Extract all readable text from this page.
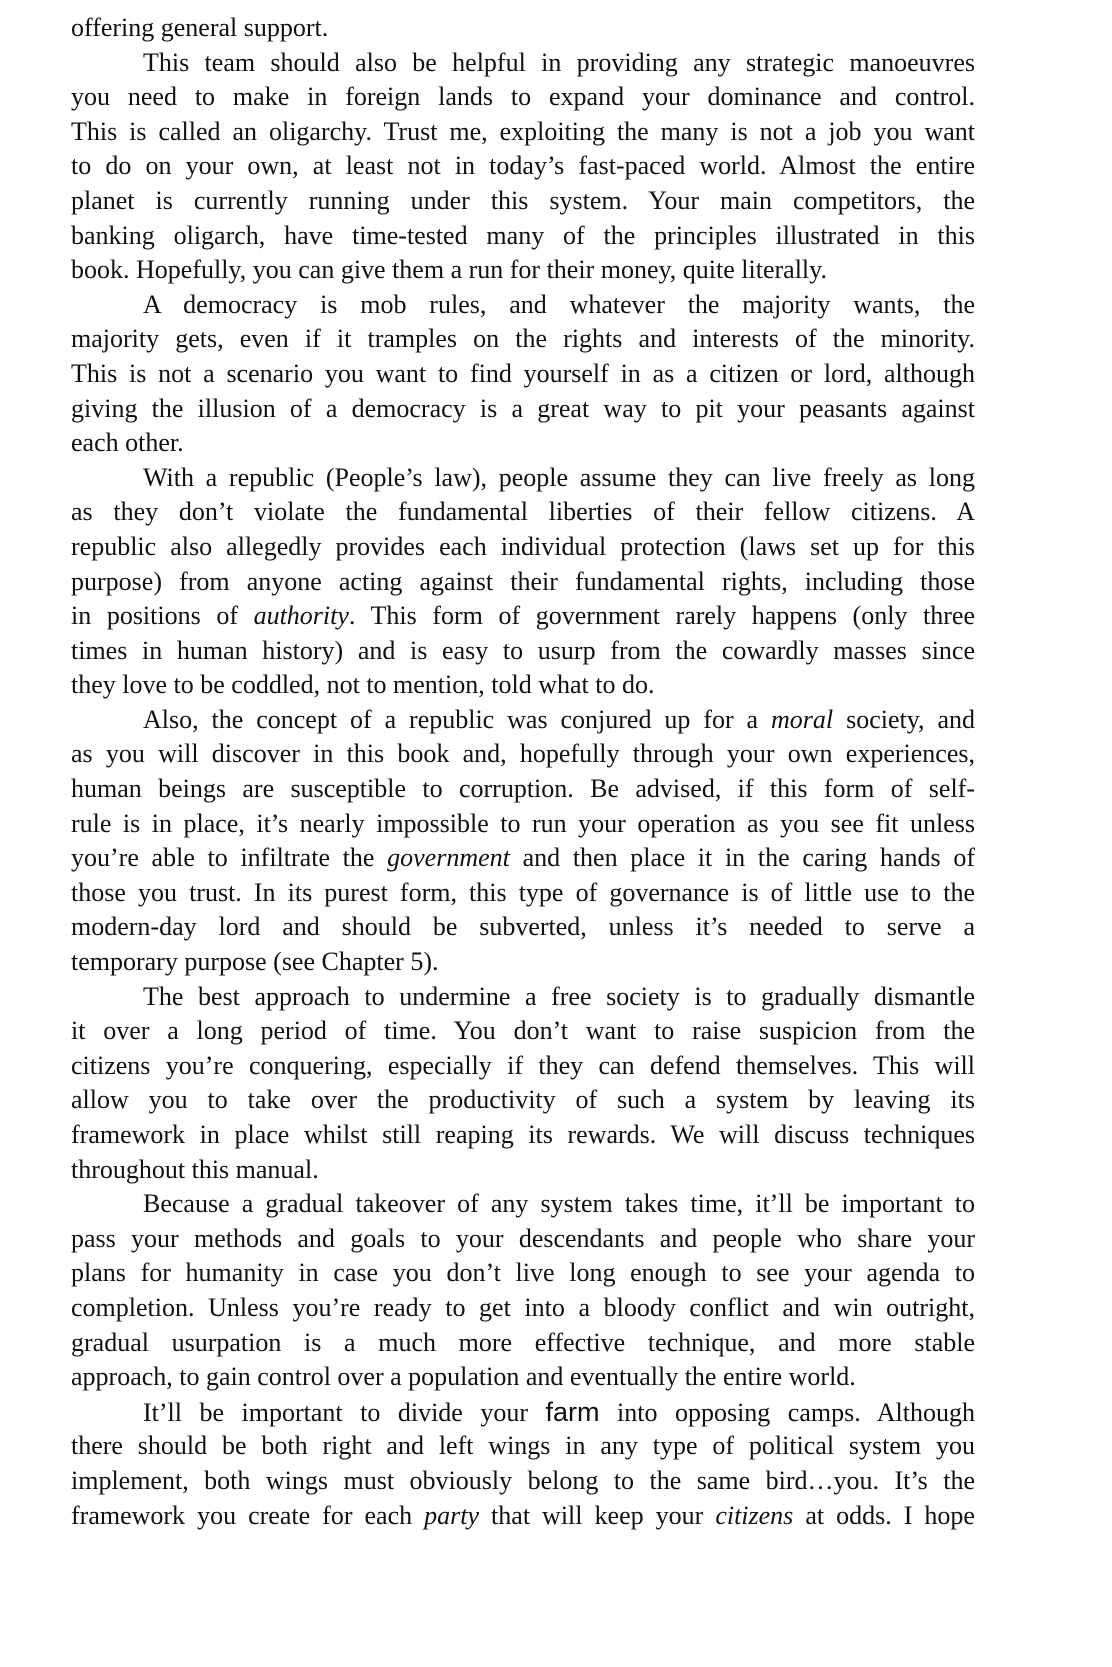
offering general support.
This team should also be helpful in providing any strategic manoeuvres
you need to make in foreign lands to expand your dominance and control.
This is called an oligarchy. Trust me, exploiting the many is not a job you want
to do on your own, at least not in today’s fast-paced world. Almost the entire
planet is currently running under this system. Your main competitors, the
banking oligarch, have time-tested many of the principles illustrated in this
book. Hopefully, you can give them a run for their money, quite literally.
A democracy is mob rules, and whatever the majority wants, the
majority gets, even if it tramples on the rights and interests of the minority.
This is not a scenario you want to find yourself in as a citizen or lord, although
giving the illusion of a democracy is a great way to pit your peasants against
each other.
With a republic (People’s law), people assume they can live freely as long
as they don’t violate the fundamental liberties of their fellow citizens. A
republic also allegedly provides each individual protection (laws set up for this
purpose) from anyone acting against their fundamental rights, including those
in positions of authority. This form of government rarely happens (only three
times in human history) and is easy to usurp from the cowardly masses since
they love to be coddled, not to mention, told what to do.
Also, the concept of a republic was conjured up for a moral society, and
as you will discover in this book and, hopefully through your own experiences,
human beings are susceptible to corruption. Be advised, if this form of self-
rule is in place, it’s nearly impossible to run your operation as you see fit unless
you’re able to infiltrate the government and then place it in the caring hands of
those you trust. In its purest form, this type of governance is of little use to the
modern-day lord and should be subverted, unless it’s needed to serve a
temporary purpose (see Chapter 5).
The best approach to undermine a free society is to gradually dismantle
it over a long period of time. You don’t want to raise suspicion from the
citizens you’re conquering, especially if they can defend themselves. This will
allow you to take over the productivity of such a system by leaving its
framework in place whilst still reaping its rewards. We will discuss techniques
throughout this manual.
Because a gradual takeover of any system takes time, it’ll be important to
pass your methods and goals to your descendants and people who share your
plans for humanity in case you don’t live long enough to see your agenda to
completion. Unless you’re ready to get into a bloody conflict and win outright,
gradual usurpation is a much more effective technique, and more stable
approach, to gain control over a population and eventually the entire world.
It’ll be important to divide your farm into opposing camps. Although
there should be both right and left wings in any type of political system you
implement, both wings must obviously belong to the same bird…you. It’s the
framework you create for each party that will keep your citizens at odds. I hope
